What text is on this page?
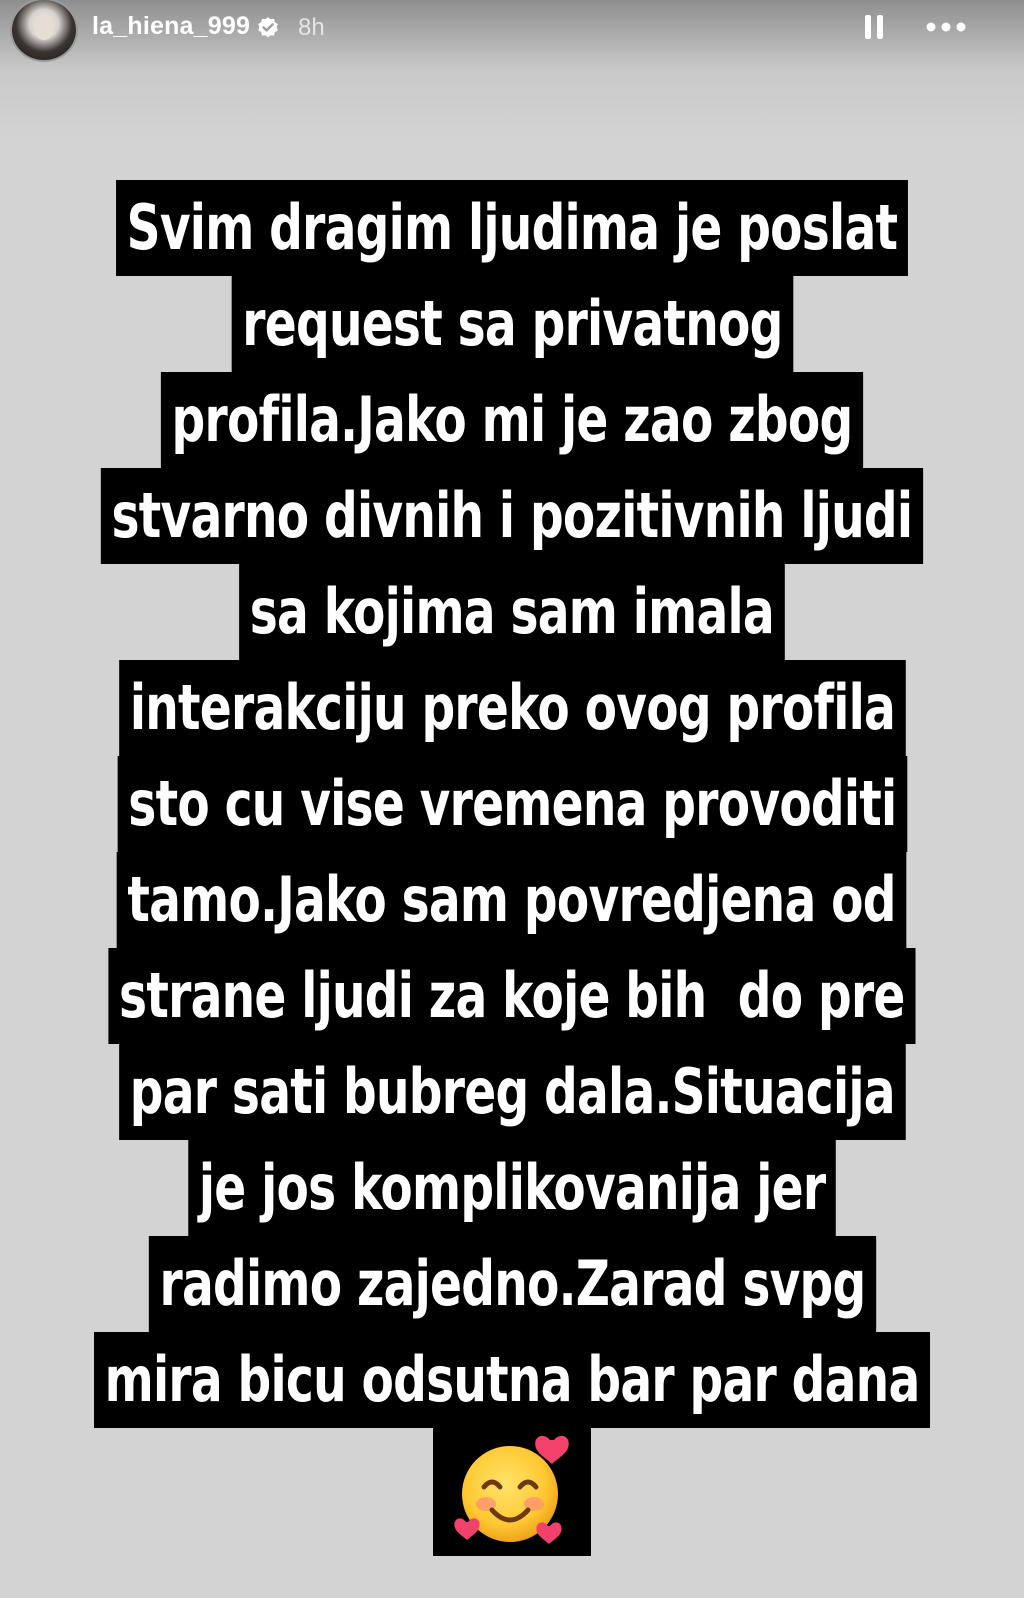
la_hiena_999 8h
Svim dragim ljudima je poslat
request sa privatnog
profila.Jako mi je zao zbog
stvarno divnih i pozitivnih ljudi
sa kojima sam imala
interakciju preko ovog profila
sto cu vise vremena provoditi
tamo.Jako sam povredjena od
strane ljudi za koje bih  do pre
par sati bubreg dala.Situacija
je jos komplikovanija jer
radimo zajedno.Zarad svpg
mira bicu odsutna bar par dana
